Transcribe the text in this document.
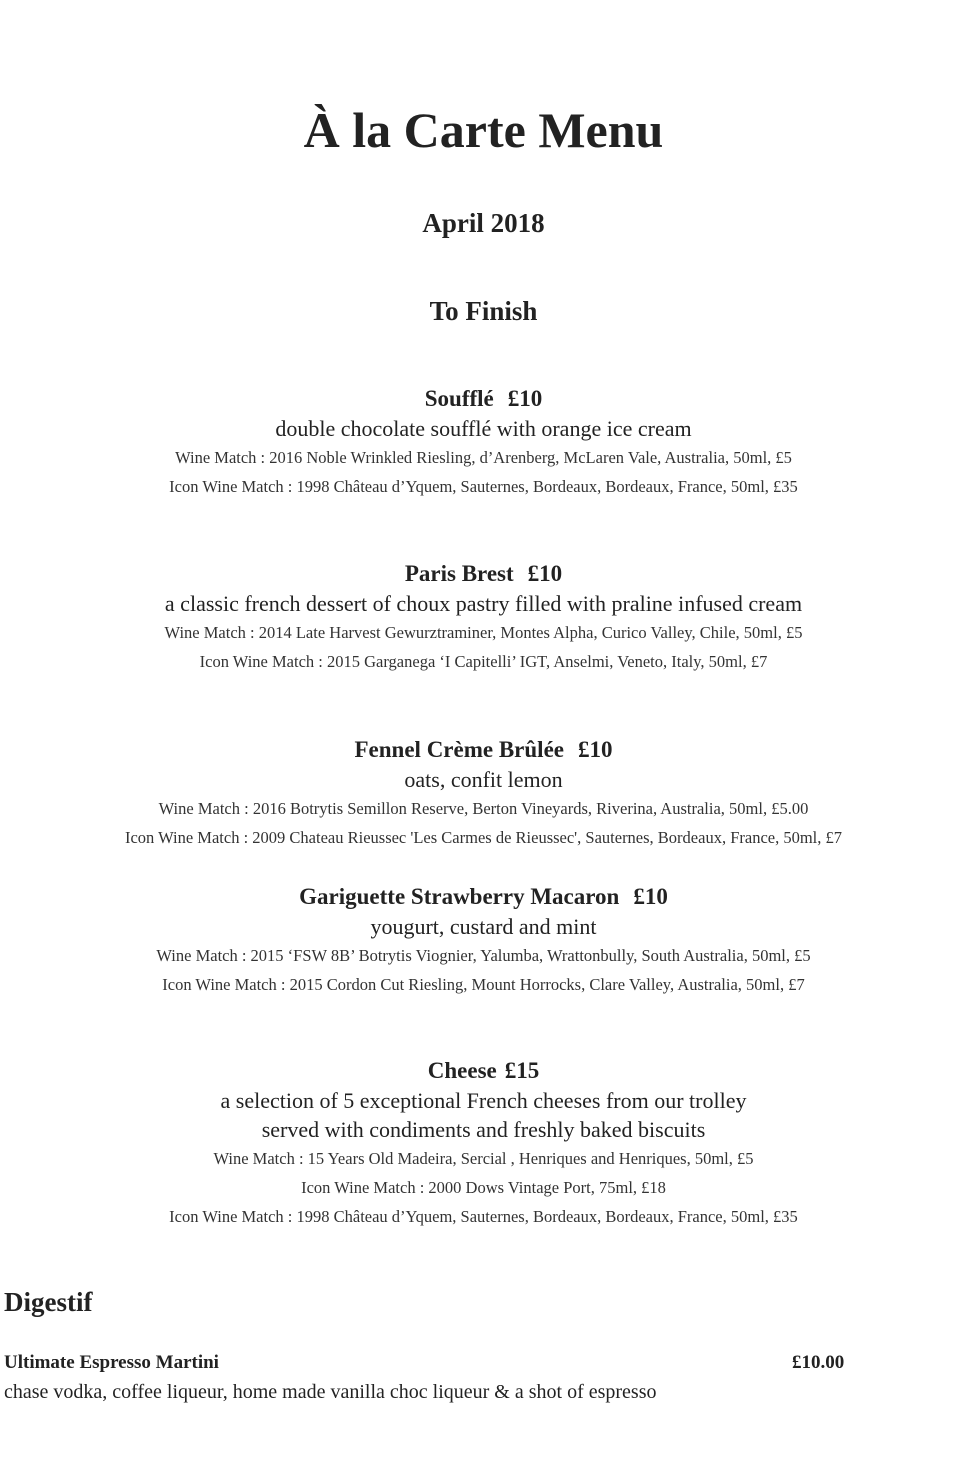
À la Carte Menu
April 2018
To Finish
Soufflé £10
double chocolate soufflé with orange ice cream
Wine Match : 2016 Noble Wrinkled Riesling, d’Arenberg, McLaren Vale, Australia, 50ml, £5
Icon Wine Match : 1998 Château d’Yquem, Sauternes, Bordeaux, Bordeaux, France, 50ml, £35
Paris Brest £10
a classic french dessert of choux pastry filled with praline infused cream
Wine Match : 2014 Late Harvest Gewurztraminer, Montes Alpha, Curico Valley, Chile, 50ml, £5
Icon Wine Match : 2015 Garganega ‘I Capitelli’ IGT, Anselmi, Veneto, Italy, 50ml, £7
Fennel Crème Brûlée £10
oats, confit lemon
Wine Match : 2016 Botrytis Semillon Reserve, Berton Vineyards, Riverina, Australia, 50ml, £5.00
Icon Wine Match : 2009 Chateau Rieussec 'Les Carmes de Rieussec', Sauternes, Bordeaux, France, 50ml, £7
Gariguette Strawberry Macaron £10
yougurt, custard and mint
Wine Match : 2015 ‘FSW 8B’ Botrytis Viognier, Yalumba, Wrattonbully, South Australia, 50ml, £5
Icon Wine Match : 2015 Cordon Cut Riesling, Mount Horrocks, Clare Valley, Australia, 50ml, £7
Cheese £15
a selection of 5 exceptional French cheeses from our trolley
served with condiments and freshly baked biscuits
Wine Match : 15 Years Old Madeira, Sercial , Henriques and Henriques, 50ml, £5
Icon Wine Match : 2000 Dows Vintage Port, 75ml, £18
Icon Wine Match : 1998 Château d’Yquem, Sauternes, Bordeaux, Bordeaux, France, 50ml, £35
Digestif
Ultimate Espresso Martini	£10.00
chase vodka, coffee liqueur, home made vanilla choc liqueur & a shot of espresso
